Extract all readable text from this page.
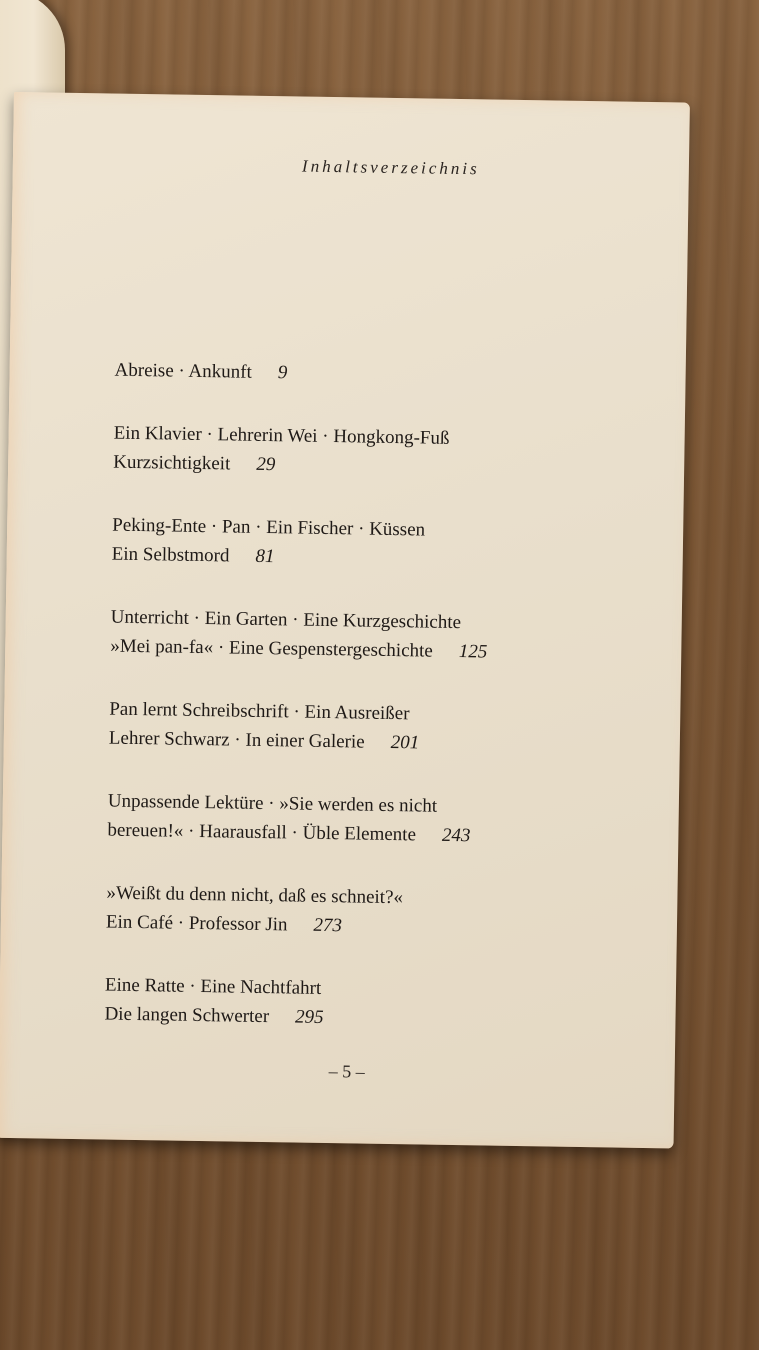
Inhaltsverzeichnis
Abreise · Ankunft 9
Ein Klavier · Lehrerin Wei · Hongkong-Fuß
Kurzsichtigkeit 29
Peking-Ente · Pan · Ein Fischer · Küssen
Ein Selbstmord 81
Unterricht · Ein Garten · Eine Kurzgeschichte
»Mei pan-fa« · Eine Gespenstergeschichte 125
Pan lernt Schreibschrift · Ein Ausreißer
Lehrer Schwarz · In einer Galerie 201
Unpassende Lektüre · »Sie werden es nicht
bereuen!« · Haarausfall · Üble Elemente 243
»Weißt du denn nicht, daß es schneit?«
Ein Café · Professor Jin 273
Eine Ratte · Eine Nachtfahrt
Die langen Schwerter 295
– 5 –
